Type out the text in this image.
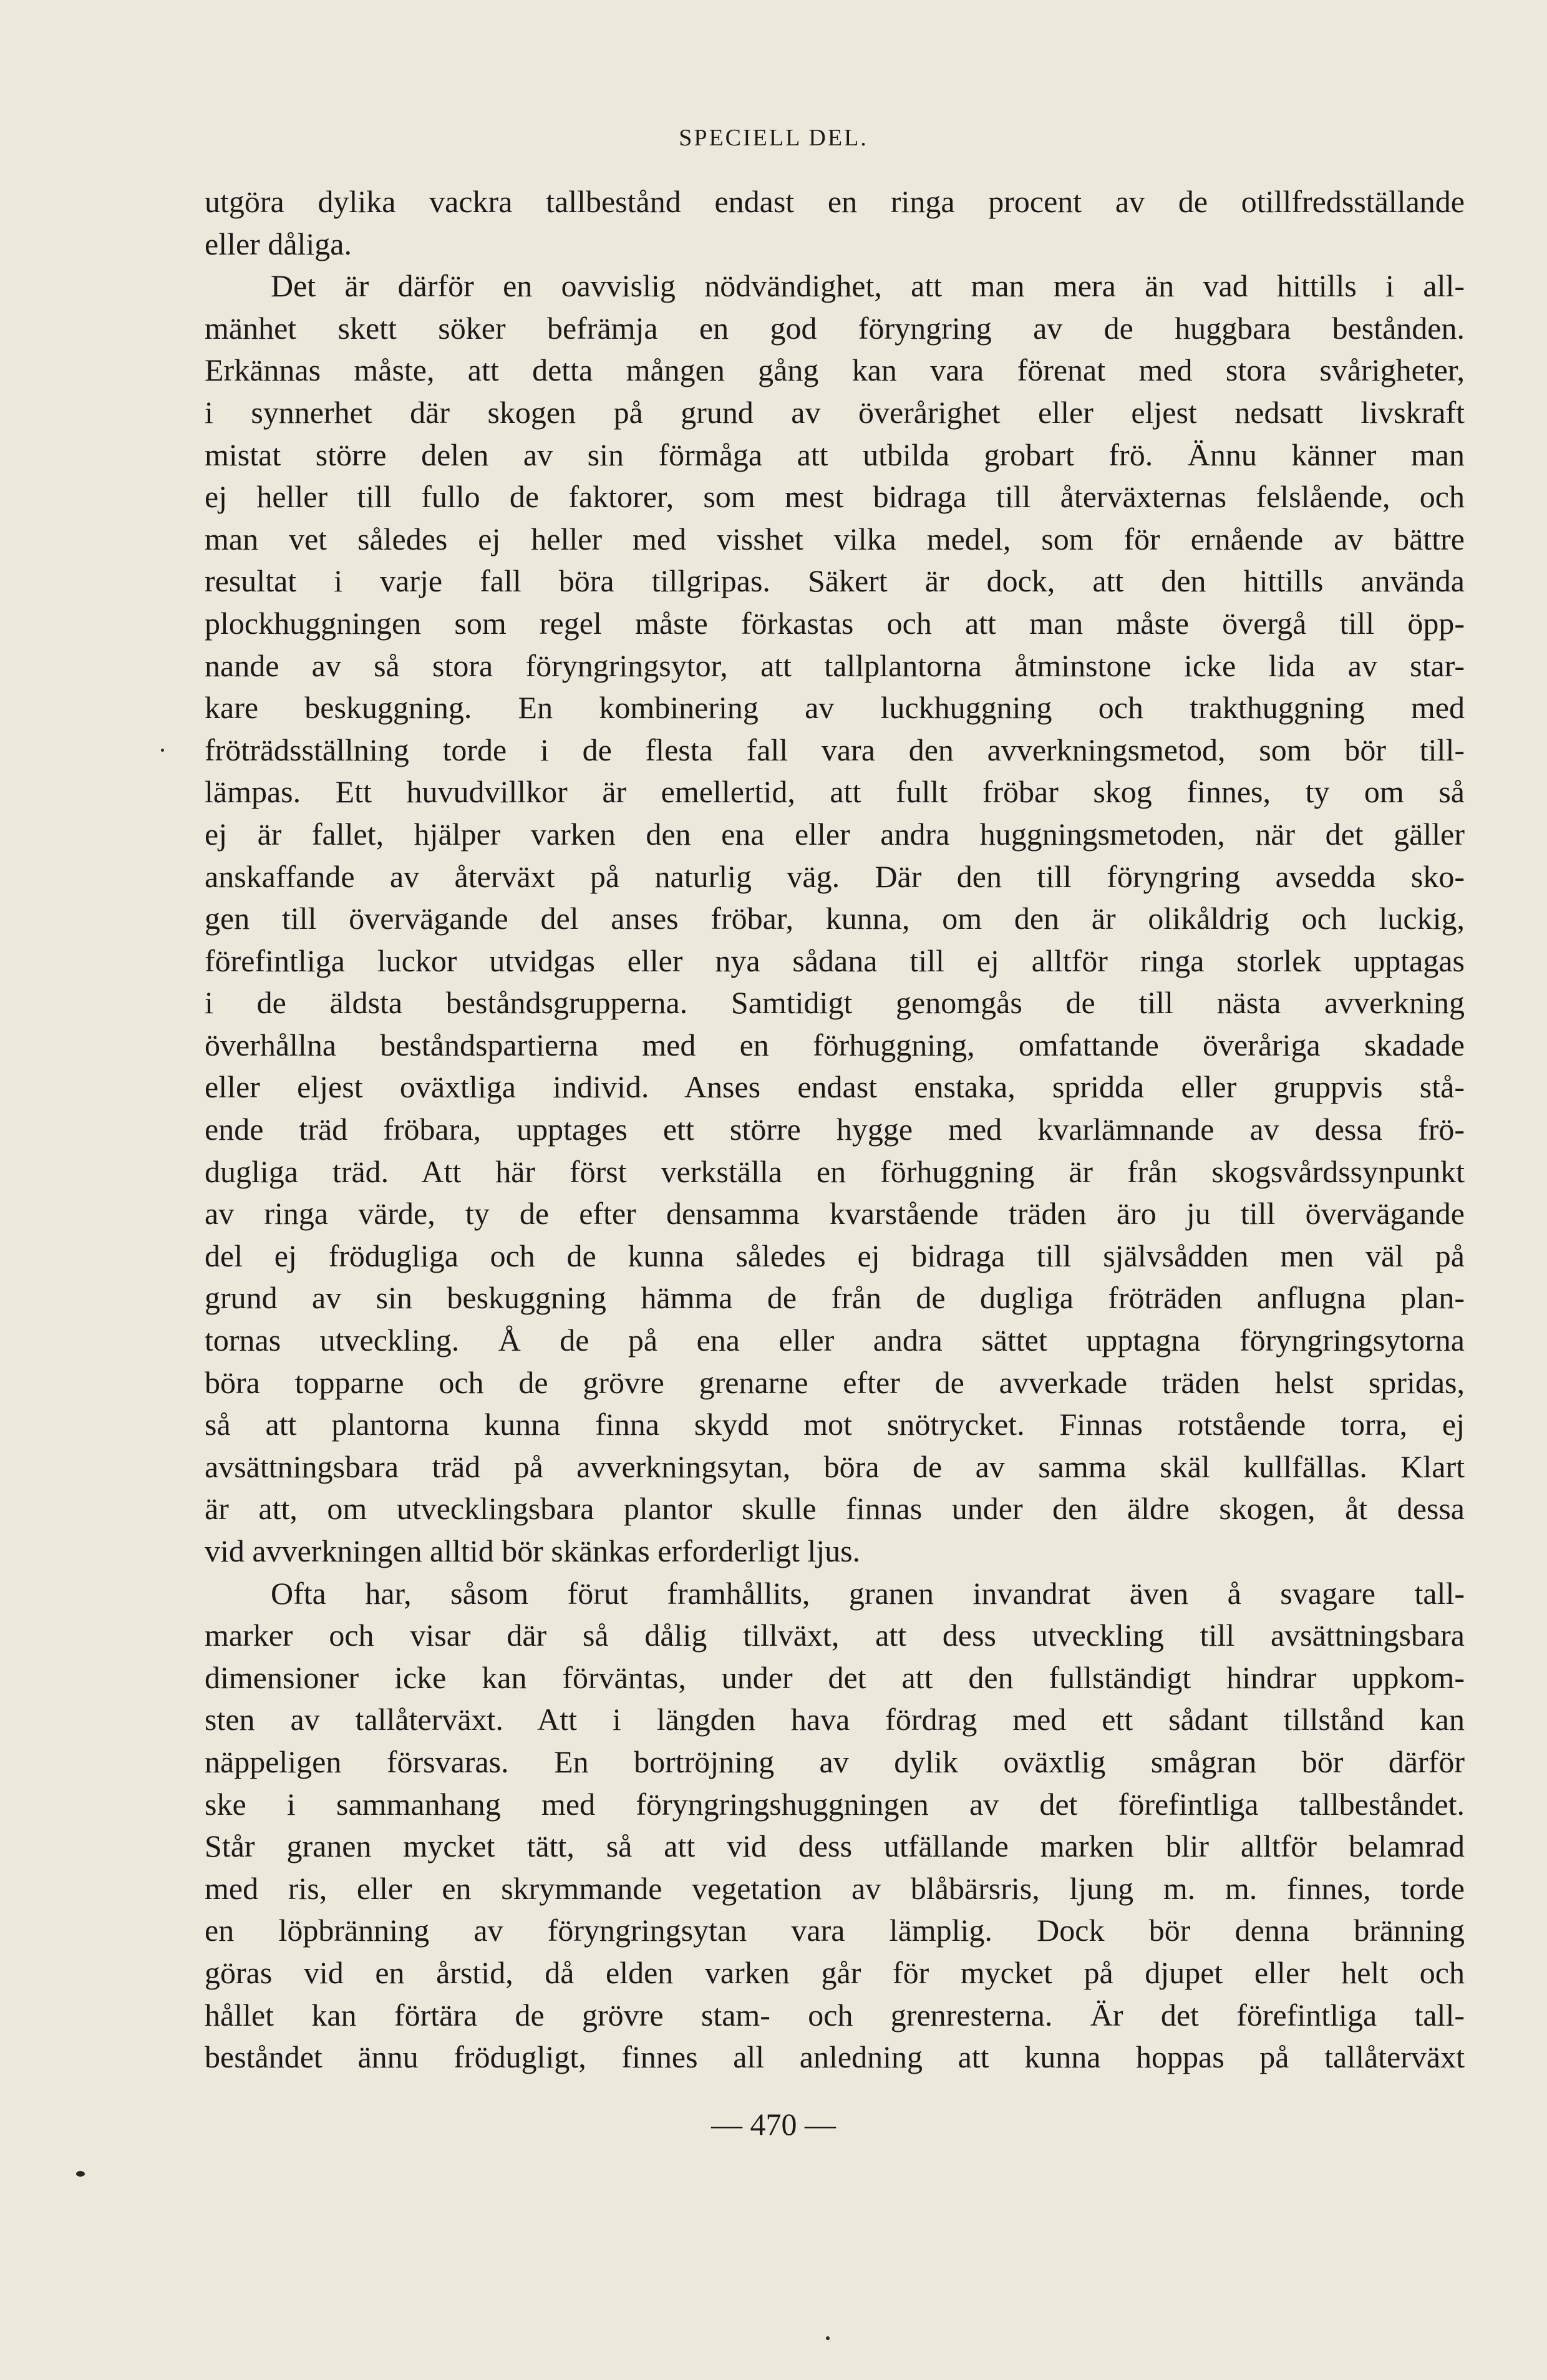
SPECIELL DEL.
utgöra dylika vackra tallbestånd endast en ringa procent av de otillfredsställande
eller dåliga.
Det är därför en oavvislig nödvändighet, att man mera än vad hittills i all-
mänhet skett söker befrämja en god föryngring av de huggbara bestånden.
Erkännas måste, att detta mången gång kan vara förenat med stora svårigheter,
i synnerhet där skogen på grund av överårighet eller eljest nedsatt livskraft
mistat större delen av sin förmåga att utbilda grobart frö. Ännu känner man
ej heller till fullo de faktorer, som mest bidraga till återväxternas felslående, och
man vet således ej heller med visshet vilka medel, som för ernående av bättre
resultat i varje fall böra tillgripas. Säkert är dock, att den hittills använda
plockhuggningen som regel måste förkastas och att man måste övergå till öpp-
nande av så stora föryngringsytor, att tallplantorna åtminstone icke lida av star-
kare beskuggning. En kombinering av luckhuggning och trakthuggning med
fröträdsställning torde i de flesta fall vara den avverkningsmetod, som bör till-
lämpas. Ett huvudvillkor är emellertid, att fullt fröbar skog finnes, ty om så
ej är fallet, hjälper varken den ena eller andra huggningsmetoden, när det gäller
anskaffande av återväxt på naturlig väg. Där den till föryngring avsedda sko-
gen till övervägande del anses fröbar, kunna, om den är olikåldrig och luckig,
förefintliga luckor utvidgas eller nya sådana till ej alltför ringa storlek upptagas
i de äldsta beståndsgrupperna. Samtidigt genomgås de till nästa avverkning
överhållna beståndspartierna med en förhuggning, omfattande överåriga skadade
eller eljest oväxtliga individ. Anses endast enstaka, spridda eller gruppvis stå-
ende träd fröbara, upptages ett större hygge med kvarlämnande av dessa frö-
dugliga träd. Att här först verkställa en förhuggning är från skogsvårdssynpunkt
av ringa värde, ty de efter densamma kvarstående träden äro ju till övervägande
del ej frödugliga och de kunna således ej bidraga till självsådden men väl på
grund av sin beskuggning hämma de från de dugliga fröträden anflugna plan-
tornas utveckling. Å de på ena eller andra sättet upptagna föryngringsytorna
böra topparne och de grövre grenarne efter de avverkade träden helst spridas,
så att plantorna kunna finna skydd mot snötrycket. Finnas rotstående torra, ej
avsättningsbara träd på avverkningsytan, böra de av samma skäl kullfällas. Klart
är att, om utvecklingsbara plantor skulle finnas under den äldre skogen, åt dessa
vid avverkningen alltid bör skänkas erforderligt ljus.
Ofta har, såsom förut framhållits, granen invandrat även å svagare tall-
marker och visar där så dålig tillväxt, att dess utveckling till avsättningsbara
dimensioner icke kan förväntas, under det att den fullständigt hindrar uppkom-
sten av tallåterväxt. Att i längden hava fördrag med ett sådant tillstånd kan
näppeligen försvaras. En bortröjning av dylik oväxtlig smågran bör därför
ske i sammanhang med föryngringshuggningen av det förefintliga tallbeståndet.
Står granen mycket tätt, så att vid dess utfällande marken blir alltför belamrad
med ris, eller en skrymmande vegetation av blåbärsris, ljung m. m. finnes, torde
en löpbränning av föryngringsytan vara lämplig. Dock bör denna bränning
göras vid en årstid, då elden varken går för mycket på djupet eller helt och
hållet kan förtära de grövre stam- och grenresterna. Är det förefintliga tall-
beståndet ännu frödugligt, finnes all anledning att kunna hoppas på tallåterväxt
— 470 —
